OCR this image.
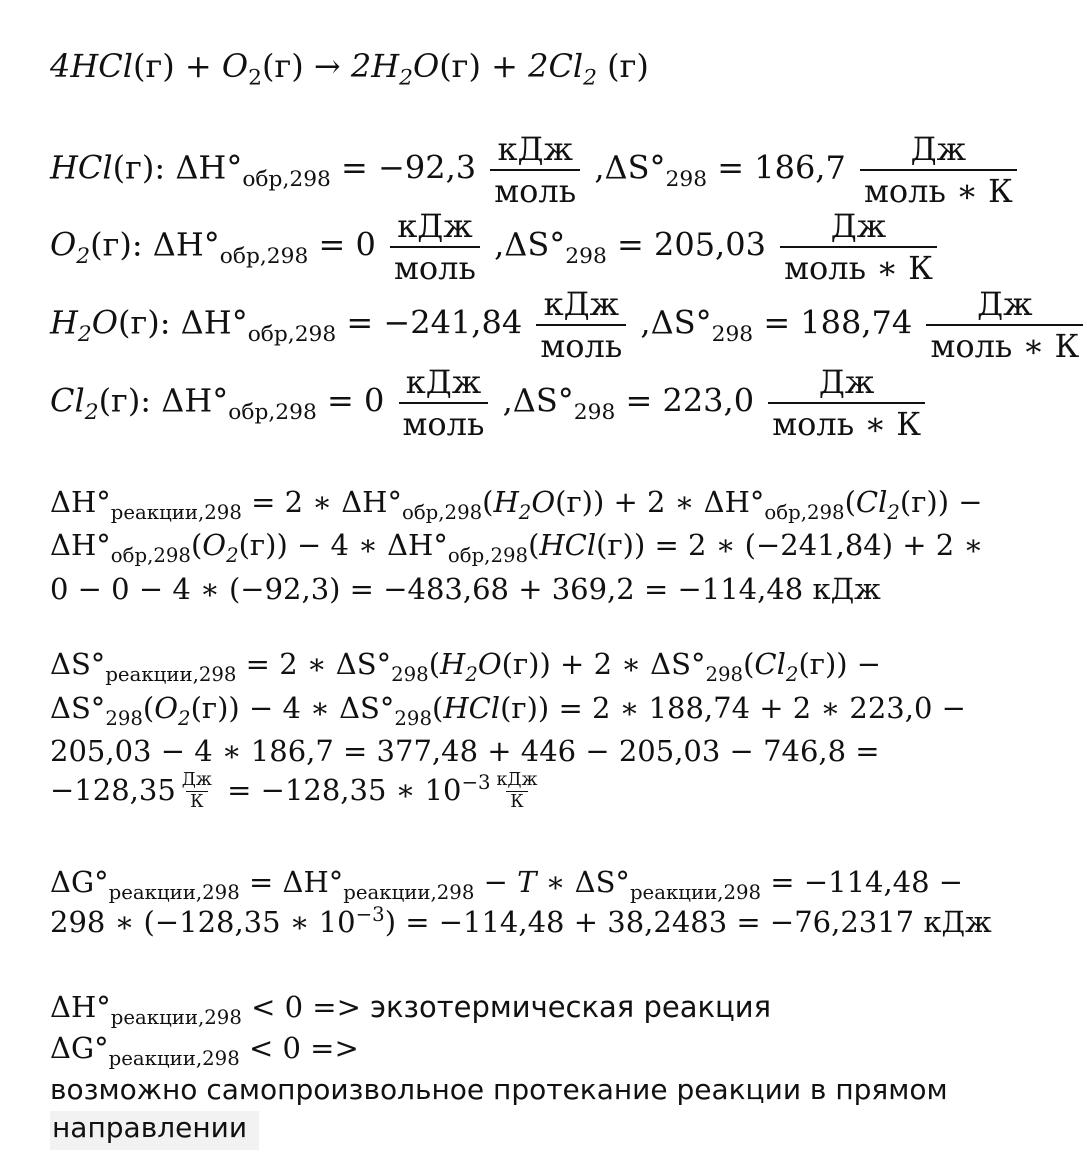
$4HCl(г) + O_2(г) \to 2H_2O(г) + 2Cl_2$ (г)
HCl(г): $\Delta H^\circ_{обр,298} = -92,3 \frac{\text{кДж}}{\text{моль}} ,\Delta S^\circ_{298} = 186,7 \frac{Дж}{\text{моль ∗ К}}$
$O_2(г)$: $\Delta H^\circ_{обр,298} = 0 \frac{\text{кДж}}{\text{моль}} ,\Delta S^\circ_{298} = 205,03 \frac{Дж}{\text{моль ∗ К}}$
$H_2O(г)$: $\Delta H^\circ_{обр,298} = -241,84 \frac{\text{кДж}}{\text{моль}} ,\Delta S^\circ_{298} = 188,74 \frac{Дж}{\text{моль ∗ К}}$
$Cl_2(г)$: $\Delta H^\circ_{обр,298} = 0 \frac{\text{кДж}}{\text{моль}} ,\Delta S^\circ_{298} = 223,0 \frac{Дж}{\text{моль ∗ К}}$
$\Delta H^\circ_{реакции,298} = 2$ ∗ $\Delta H^\circ_{обр,298}(H_2O(г)) + 2$ ∗ $\Delta H^\circ_{обр,298}(Cl_2(г))$ −
$\Delta H^\circ_{обр,298}(O_2(г)) - 4$ ∗ $\Delta H^\circ_{обр,298}(HCl(г)) = 2$ ∗ (−241,84) + 2 ∗
0 − 0 − 4 ∗ (−92,3) = −483,68 + 369,2 = −114,48 кДж
$\Delta S^\circ_{реакции,298} = 2$ ∗ $\Delta S^\circ_{298}(H_2O(г)) + 2$ ∗ $\Delta S^\circ_{298}(Cl_2(г))$ −
$\Delta S^\circ_{298}(O_2(г)) - 4$ ∗ $\Delta S^\circ_{298}(HCl(г)) = 2$ ∗ 188,74 + 2 ∗ 223,0 −
205,03 − 4 ∗ 186,7 = 377,48 + 446 − 205,03 − 746,8 =
$-128,35 \frac{Дж}{К} = -128,35$ ∗ $10^{-3} \frac{\text{кДж}}{К}$
$\Delta G^\circ_{реакции,298} = \Delta H^\circ_{реакции,298} - T$ ∗ $\Delta S^\circ_{реакции,298} = -114,48$ −
298 ∗ (−128,35 ∗ $10^{-3}) = -114,48 + 38,2483 = -76,2317$ кДж
$\Delta H^\circ_{реакции,298} < 0$ => экзотермическая реакция
$\Delta G^\circ_{реакции,298} < 0$ =>
возможно самопроизвольное протекание реакции в прямом
направлении
